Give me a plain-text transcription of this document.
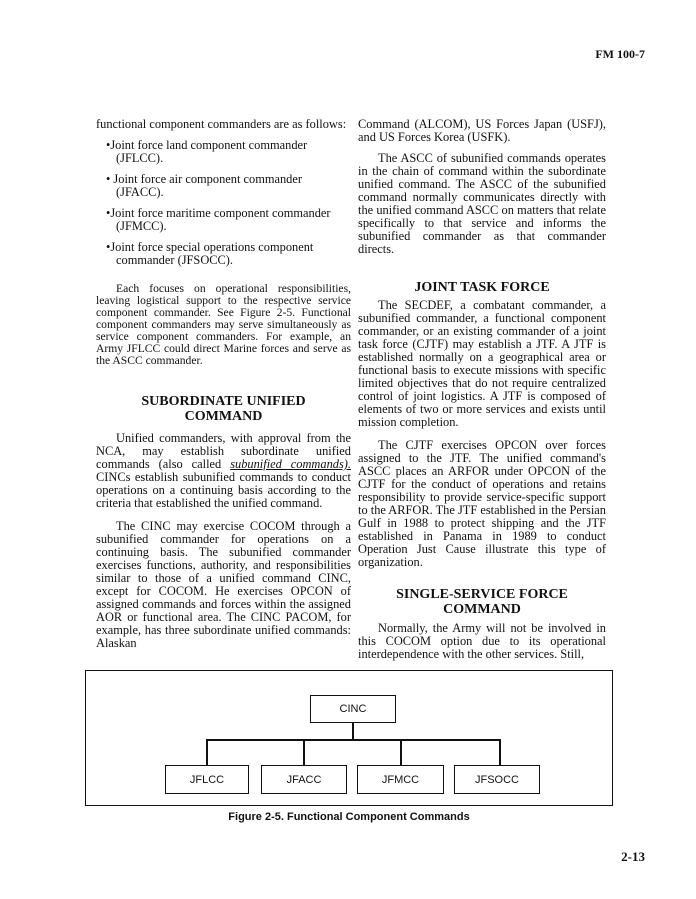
FM 100-7

functional component commanders are as follows:

•Joint force land component commander (JFLCC).

• Joint force air component commander (JFACC).

•Joint force maritime component commander (JFMCC).

•Joint force special operations component commander (JFSOCC).

Each focuses on operational responsibilities, leaving logistical support to the respective service component commander. See Figure 2-5. Functional component commanders may serve simultaneously as service component commanders. For example, an Army JFLCC could direct Marine forces and serve as the ASCC commander.

SUBORDINATE UNIFIED
COMMAND

Unified commanders, with approval from the NCA, may establish subordinate unified commands (also called subunified commands). CINCs establish subunified commands to conduct operations on a continuing basis according to the criteria that established the unified command.

The CINC may exercise COCOM through a subunified commander for operations on a continuing basis. The subunified commander exercises functions, authority, and responsibilities similar to those of a unified command CINC, except for COCOM. He exercises OPCON of assigned commands and forces within the assigned AOR or functional area. The CINC PACOM, for example, has three subordinate unified commands: Alaskan

Command (ALCOM), US Forces Japan (USFJ), and US Forces Korea (USFK).

The ASCC of subunified commands operates in the chain of command within the subordinate unified command. The ASCC of the subunified command normally communicates directly with the unified command ASCC on matters that relate specifically to that service and informs the subunified commander as that commander directs.

JOINT TASK FORCE

The SECDEF, a combatant commander, a subunified commander, a functional component commander, or an existing commander of a joint task force (CJTF) may establish a JTF. A JTF is established normally on a geographical area or functional basis to execute missions with specific limited objectives that do not require centralized control of joint logistics. A JTF is composed of elements of two or more services and exists until mission completion.

The CJTF exercises OPCON over forces assigned to the JTF. The unified command's ASCC places an ARFOR under OPCON of the CJTF for the conduct of operations and retains responsibility to provide service-specific support to the ARFOR. The JTF established in the Persian Gulf in 1988 to protect shipping and the JTF established in Panama in 1989 to conduct Operation Just Cause illustrate this type of organization.

SINGLE-SERVICE FORCE
COMMAND

Normally, the Army will not be involved in this COCOM option due to its operational interdependence with the other services. Still,

CINC
JFLCC	JFACC	JFMCC	JFSOCC
Figure 2-5. Functional Component Commands
2-13
